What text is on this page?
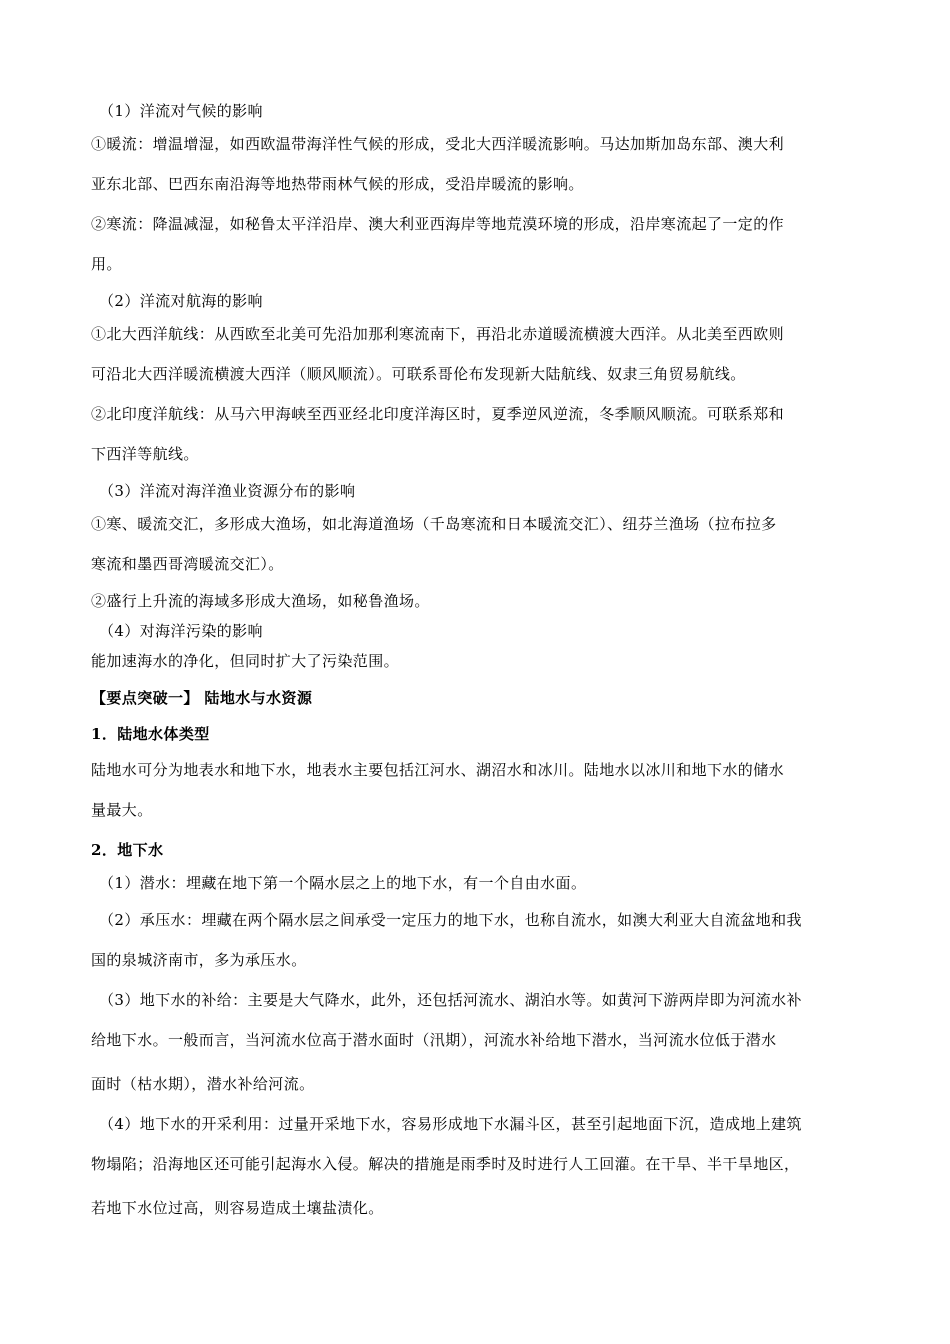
（1）洋流对气候的影响
①暖流：增温增湿，如西欧温带海洋性气候的形成，受北大西洋暖流影响。马达加斯加岛东部、澳大利
亚东北部、巴西东南沿海等地热带雨林气候的形成，受沿岸暖流的影响。
②寒流：降温减湿，如秘鲁太平洋沿岸、澳大利亚西海岸等地荒漠环境的形成，沿岸寒流起了一定的作
用。
（2）洋流对航海的影响
①北大西洋航线：从西欧至北美可先沿加那利寒流南下，再沿北赤道暖流横渡大西洋。从北美至西欧则
可沿北大西洋暖流横渡大西洋（顺风顺流）。可联系哥伦布发现新大陆航线、奴隶三角贸易航线。
②北印度洋航线：从马六甲海峡至西亚经北印度洋海区时，夏季逆风逆流，冬季顺风顺流。可联系郑和
下西洋等航线。
（3）洋流对海洋渔业资源分布的影响
①寒、暖流交汇，多形成大渔场，如北海道渔场（千岛寒流和日本暖流交汇）、纽芬兰渔场（拉布拉多
寒流和墨西哥湾暖流交汇）。
②盛行上升流的海域多形成大渔场，如秘鲁渔场。
（4）对海洋污染的影响
能加速海水的净化，但同时扩大了污染范围。
【要点突破一】 陆地水与水资源
1．陆地水体类型
陆地水可分为地表水和地下水，地表水主要包括江河水、湖沼水和冰川。陆地水以冰川和地下水的储水
量最大。
2．地下水
（1）潜水：埋藏在地下第一个隔水层之上的地下水，有一个自由水面。
（2）承压水：埋藏在两个隔水层之间承受一定压力的地下水，也称自流水，如澳大利亚大自流盆地和我
国的泉城济南市，多为承压水。
（3）地下水的补给：主要是大气降水，此外，还包括河流水、湖泊水等。如黄河下游两岸即为河流水补
给地下水。一般而言，当河流水位高于潜水面时（汛期），河流水补给地下潜水，当河流水位低于潜水
面时（枯水期），潜水补给河流。
（4）地下水的开采利用：过量开采地下水，容易形成地下水漏斗区，甚至引起地面下沉，造成地上建筑
物塌陷；沿海地区还可能引起海水入侵。解决的措施是雨季时及时进行人工回灌。在干旱、半干旱地区，
若地下水位过高，则容易造成土壤盐渍化。
